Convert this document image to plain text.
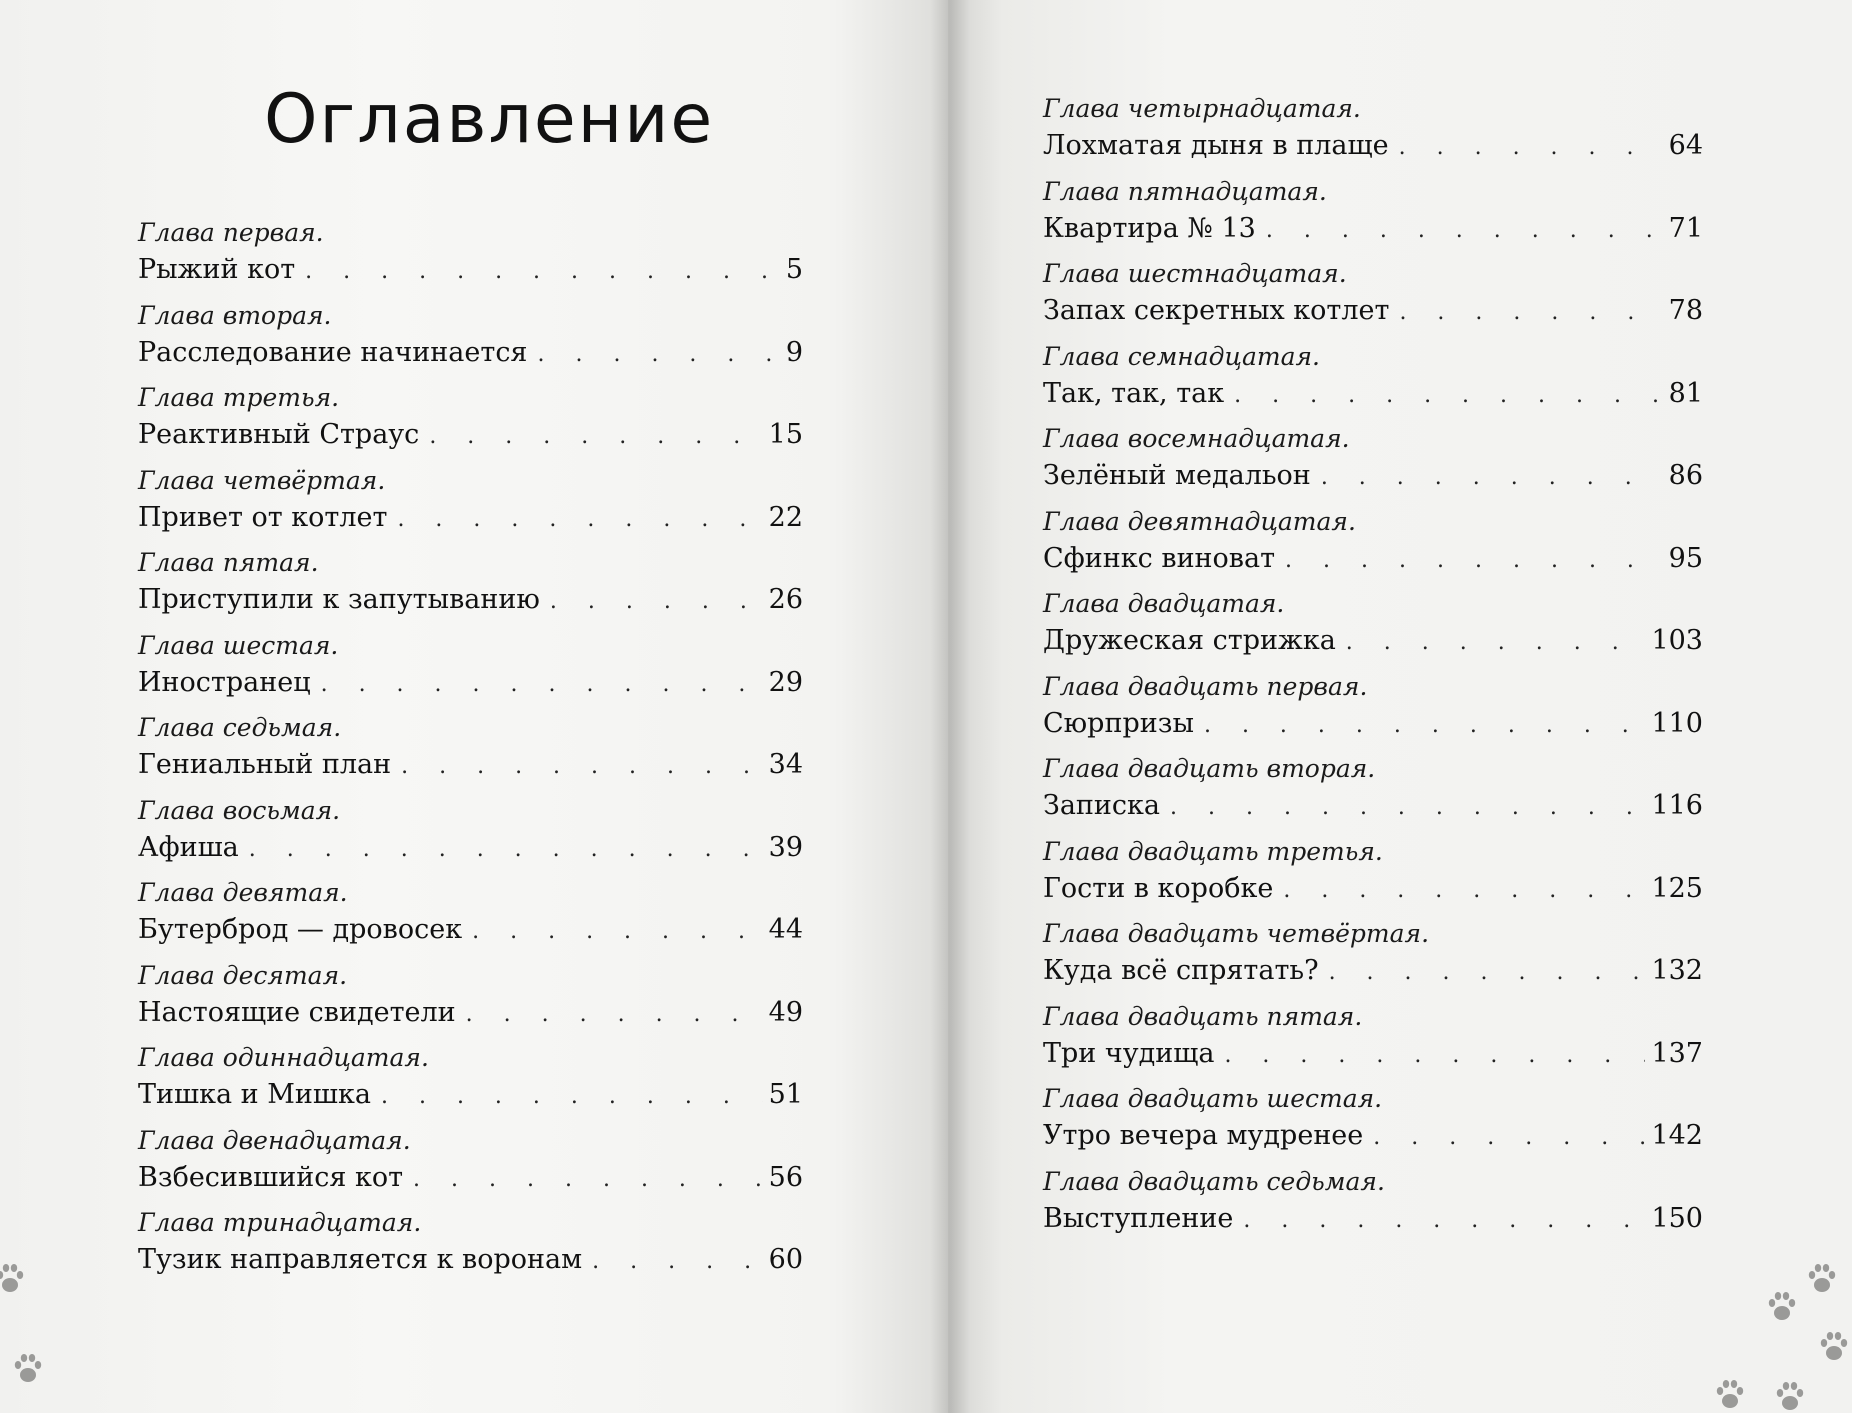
Оглавление
Глава первая.
Рыжий кот . . .	5
Глава вторая.
Расследование начинается . . .	9
Глава третья.
Реактивный Страус . . .	15
Глава четвёртая.
Привет от котлет . . .	22
Глава пятая.
Приступили к запутыванию . . .	26
Глава шестая.
Иностранец . . .	29
Глава седьмая.
Гениальный план . . .	34
Глава восьмая.
Афиша . . .	39
Глава девятая.
Бутерброд — дровосек . . .	44
Глава десятая.
Настоящие свидетели . . .	49
Глава одиннадцатая.
Тишка и Мишка . . .	51
Глава двенадцатая.
Взбесившийся кот . . .	56
Глава тринадцатая.
Тузик направляется к воронам . . .	60
Глава четырнадцатая.
Лохматая дыня в плаще . . .	64
Глава пятнадцатая.
Квартира № 13 . . .	71
Глава шестнадцатая.
Запах секретных котлет . . .	78
Глава семнадцатая.
Так, так, так . . .	81
Глава восемнадцатая.
Зелёный медальон . . .	86
Глава девятнадцатая.
Сфинкс виноват . . .	95
Глава двадцатая.
Дружеская стрижка . . .	103
Глава двадцать первая.
Сюрпризы . . .	110
Глава двадцать вторая.
Записка . . .	116
Глава двадцать третья.
Гости в коробке . . .	125
Глава двадцать четвёртая.
Куда всё спрятать? . . .	132
Глава двадцать пятая.
Три чудища . . .	137
Глава двадцать шестая.
Утро вечера мудренее . . .	142
Глава двадцать седьмая.
Выступление . . .	150
